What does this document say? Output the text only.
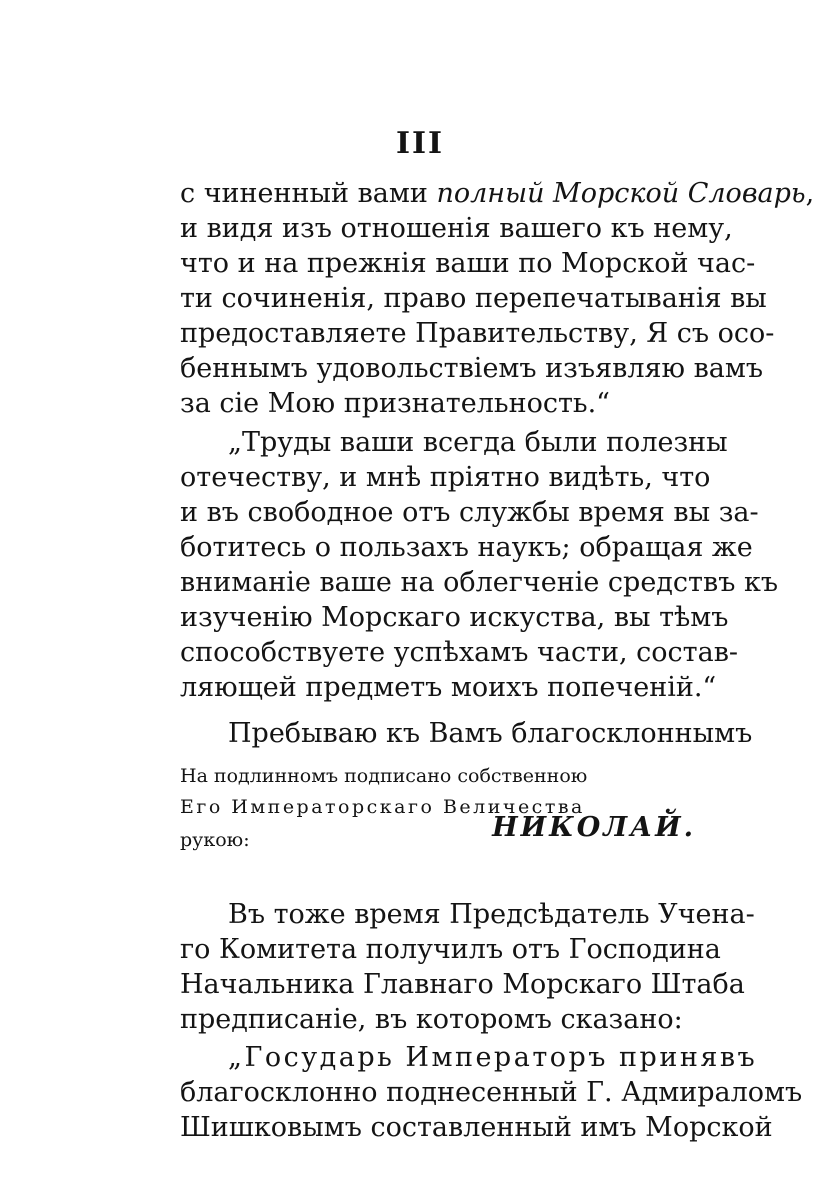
III
с чиненный вами полный Морской Словарь,
и видя изъ отношенія вашего къ нему,
что и на прежнія ваши по Морской час-
ти сочиненія, право перепечатыванія вы
предоставляете Правительству, Я съ осо-
беннымъ удовольствіемъ изъявляю вамъ
за сіе Мою признательность.“
„Труды ваши всегда были полезны
отечеству, и мнѣ пріятно видѣть, что
и въ свободное отъ службы время вы за-
ботитесь о пользахъ наукъ; обращая же
вниманіе ваше на облегченіе средствъ къ
изученію Морскаго искуства, вы тѣмъ
способствуете успѣхамъ части, состав-
ляющей предметъ моихъ попеченій.“
Пребываю къ Вамъ благосклоннымъ
На подлинномъ подписано собственною
Его Императорскаго Величества
рукою:	НИКОЛАЙ.
Въ тоже время Предсѣдатель Учена-
го Комитета получилъ отъ Господина
Начальника Главнаго Морскаго Штаба
предписаніе, въ которомъ сказано:
„Государь Императоръ принявъ
благосклонно поднесенный Г. Адмираломъ
Шишковымъ составленный имъ Морской
